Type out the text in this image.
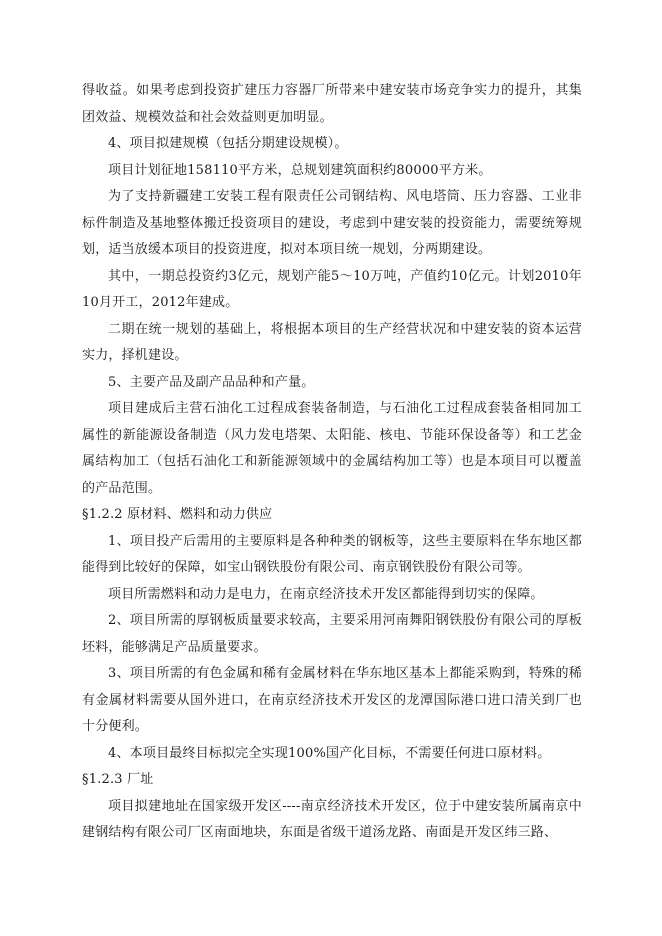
得收益。如果考虑到投资扩建压力容器厂所带来中建安装市场竞争实力的提升，其集团效益、规模效益和社会效益则更加明显。

4、项目拟建规模（包括分期建设规模）。

项目计划征地158110平方米，总规划建筑面积约80000平方米。

为了支持新疆建工安装工程有限责任公司钢结构、风电塔筒、压力容器、工业非标件制造及基地整体搬迁投资项目的建设，考虑到中建安装的投资能力，需要统筹规划，适当放缓本项目的投资进度，拟对本项目统一规划，分两期建设。

其中，一期总投资约3亿元，规划产能5～10万吨，产值约10亿元。计划2010年10月开工，2012年建成。

二期在统一规划的基础上，将根据本项目的生产经营状况和中建安装的资本运营实力，择机建设。

5、主要产品及副产品品种和产量。

项目建成后主营石油化工过程成套装备制造，与石油化工过程成套装备相同加工属性的新能源设备制造（风力发电塔架、太阳能、核电、节能环保设备等）和工艺金属结构加工（包括石油化工和新能源领域中的金属结构加工等）也是本项目可以覆盖的产品范围。

§1.2.2 原材料、燃料和动力供应

1、项目投产后需用的主要原料是各种种类的钢板等，这些主要原料在华东地区都能得到比较好的保障，如宝山钢铁股份有限公司、南京钢铁股份有限公司等。

项目所需燃料和动力是电力，在南京经济技术开发区都能得到切实的保障。

2、项目所需的厚钢板质量要求较高，主要采用河南舞阳钢铁股份有限公司的厚板坯料，能够满足产品质量要求。

3、项目所需的有色金属和稀有金属材料在华东地区基本上都能采购到，特殊的稀有金属材料需要从国外进口，在南京经济技术开发区的龙潭国际港口进口清关到厂也十分便利。

4、本项目最终目标拟完全实现100%国产化目标，不需要任何进口原材料。

§1.2.3 厂址

项目拟建地址在国家级开发区----南京经济技术开发区，位于中建安装所属南京中建钢结构有限公司厂区南面地块，东面是省级干道汤龙路、南面是开发区纬三路、
